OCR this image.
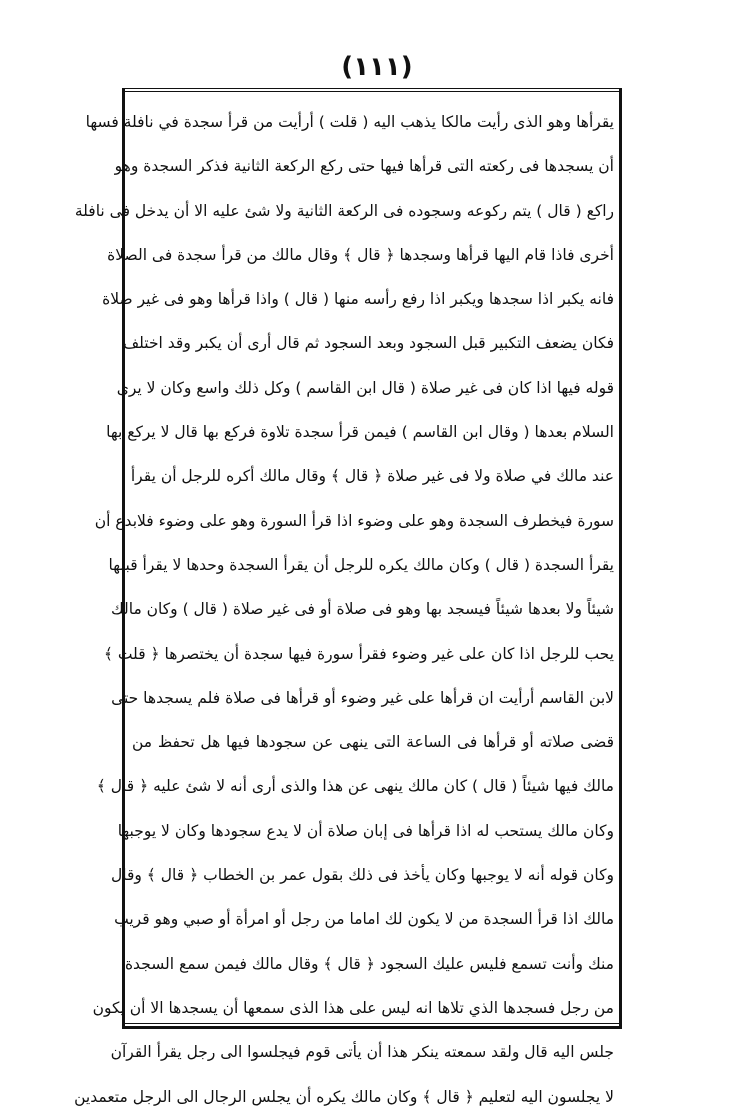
(١١١)
يقرأها وهو الذى رأيت مالكا يذهب اليه ( قلت ) أرأيت من قرأ سجدة في نافلة فسها
أن يسجدها فى ركعته التى قرأها فيها حتى ركع الركعة الثانية فذكر السجدة وهو
راكع ( قال ) يتم ركوعه وسجوده فى الركعة الثانية ولا شئ عليه الا أن يدخل فى نافلة
أخرى فاذا قام اليها قرأها وسجدها ﴿ قال ﴾ وقال مالك من قرأ سجدة فى الصلاة
فانه يكبر اذا سجدها ويكبر اذا رفع رأسه منها ( قال ) واذا قرأها وهو فى غير صلاة
فكان يضعف التكبير قبل السجود وبعد السجود ثم قال أرى أن يكبر وقد اختلف
قوله فيها اذا كان فى غير صلاة ( قال ابن القاسم ) وكل ذلك واسع وكان لا يرى
السلام بعدها ( وقال ابن القاسم ) فيمن قرأ سجدة تلاوة فركع بها قال لا يركع بها
عند مالك في صلاة ولا فى غير صلاة ﴿ قال ﴾ وقال مالك أكره للرجل أن يقرأ
سورة فيخطرف السجدة وهو على وضوء اذا قرأ السورة وهو على وضوء فلابدع أن
يقرأ السجدة ( قال ) وكان مالك يكره للرجل أن يقرأ السجدة وحدها لا يقرأ قبلها
شيئاً ولا بعدها شيئاً فيسجد بها وهو فى صلاة أو فى غير صلاة ( قال ) وكان مالك
يحب للرجل اذا كان على غير وضوء فقرأ سورة فيها سجدة أن يختصرها ﴿ قلت ﴾
لابن القاسم أرأيت ان قرأها على غير وضوء أو قرأها فى صلاة فلم يسجدها حتى
قضى صلاته أو قرأها فى الساعة التى ينهى عن سجودها فيها هل تحفظ من
مالك فيها شيئاً ( قال ) كان مالك ينهى عن هذا والذى أرى أنه لا شئ عليه ﴿ قال ﴾
وكان مالك يستحب له اذا قرأها فى إبان صلاة أن لا يدع سجودها وكان لا يوجبها
وكان قوله أنه لا يوجبها وكان يأخذ فى ذلك بقول عمر بن الخطاب ﴿ قال ﴾ وقال
مالك اذا قرأ السجدة من لا يكون لك اماما من رجل أو امرأة أو صبي وهو قريب
منك وأنت تسمع فليس عليك السجود ﴿ قال ﴾ وقال مالك فيمن سمع السجدة
من رجل فسجدها الذي تلاها انه ليس على هذا الذى سمعها أن يسجدها الا أن يكون
جلس اليه قال ولقد سمعته ينكر هذا أن يأتى قوم فيجلسوا الى رجل يقرأ القرآن
لا يجلسون اليه لتعليم ﴿ قال ﴾ وكان مالك يكره أن يجلس الرجال الى الرجل متعمدين
